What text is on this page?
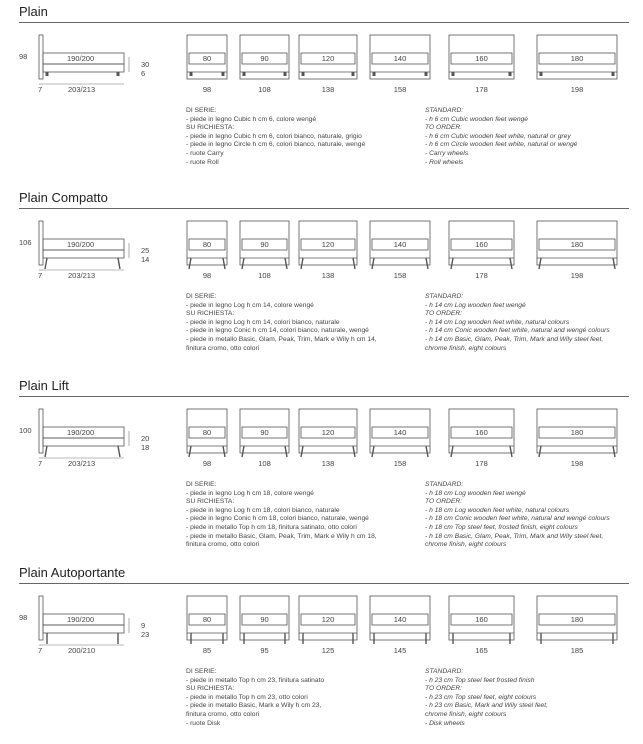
Plain
80
98
90
108
120
138
140
158
160
178
180
198
98	190/200
30
6
7	203/213
DI SERIE:
- piede in legno Cubic h cm 6, colore wengé
SU RICHIESTA:
- piede in legno Cubic h cm 6, colori bianco, naturale, grigio
- piede in legno Circle h cm 6, colori bianco, naturale, wengé
- ruote Carry
- ruote Roll
STANDARD:
- h 6 cm Cubic wooden feet wengé
TO ORDER:
- h 6 cm Cubic wooden feet white, natural or grey
- h 6 cm Circle wooden feet white, natural or wengé
- Carry wheels
- Roll wheels
Plain Compatto
80
98
90
108
120
138
140
158
160
178
180
198
106	190/200
25
14
7	203/213
DI SERIE:
- piede in legno Log h cm 14, colore wengé
SU RICHIESTA:
- piede in legno Log h cm 14, colori bianco, naturale
- piede in legno Conic h cm 14, colori bianco, naturale, wengé
- piede in metallo Basic, Glam, Peak, Trim, Mark e Wily h cm 14,
finitura cromo, otto colori
STANDARD:
- h 14 cm Log wooden feet wengé
TO ORDER:
- h 14 cm Log wooden feet white, natural colours
- h 14 cm Conic wooden feet white, natural and wengé colours
- h 14 cm Basic, Glam, Peak, Trim, Mark and Wily steel feet,
chrome finish, eight colours
Plain Lift
80
98
90
108
120
138
140
158
160
178
180
198
100	190/200
20
18
7	203/213
DI SERIE:
- piede in legno Log h cm 18, colore wengé
SU RICHIESTA:
- piede in legno Log h cm 18, colori bianco, naturale
- piede in legno Conic h cm 18, colori bianco, naturale, wengé
- piede in metallo Top h cm 18, finitura satinato, otto colori
- piede in metallo Basic, Glam, Peak, Trim, Mark e Wily h cm 18,
finitura cromo, otto colori
STANDARD:
- h 18 cm Log wooden feet wengé
TO ORDER:
- h 18 cm Log wooden feet white, natural colours
- h 18 cm Conic wooden feet white, natural and wengé colours
- h 18 cm Top steel feet, frosted finish, eight colours
- h 18 cm Basic, Glam, Peak, Trim, Mark and Wily steel feet,
chrome finish, eight colours
Plain Autoportante
80
85
90
95
120
125
140
145
160
165
180
185
98	190/200
9
23
7	200/210
DI SERIE:
- piede in metallo Top h cm 23, finitura satinato
SU RICHIESTA:
- piede in metallo Top h cm 23, otto colori
- piede in metallo Basic, Mark e Wily h cm 23,
finitura cromo, otto colori
- ruote Disk
STANDARD:
- h 23 cm Top steel feet frosted finish
TO ORDER:
- h 23 cm Top steel feet, eight colours
- h 23 cm Basic, Mark and Wily steel feet,
chrome finish, eight colours
- Disk wheels
